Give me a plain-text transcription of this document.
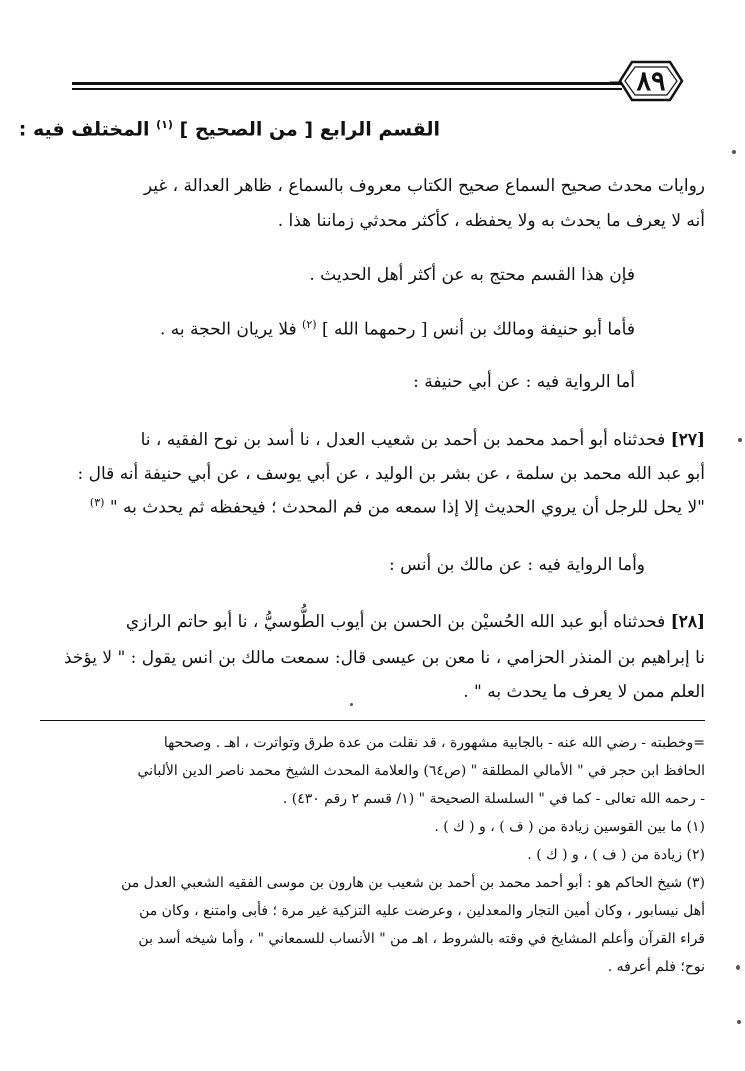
٨٩
القسم الرابع [ من الصحيح ] $^{(١)}$ المختلف فيه :
روايات محدث صحيح السماع صحيح الكتاب معروف بالسماع ، ظاهر العدالة ، غير
أنه لا يعرف ما يحدث به ولا يحفظه ، كأكثر محدثي زماننا هذا .
فإن هذا القسم محتج به عن أكثر أهل الحديث .
فأما أبو حنيفة ومالك بن أنس [ رحمهما الله ] $^{(٢)}$ فلا يريان الحجة به .
أما الرواية فيه : عن أبي حنيفة :
[٢٧] فحدثناه أبو أحمد محمد بن أحمد بن شعيب العدل ، نا أسد بن نوح الفقيه ، نا
أبو عبد الله محمد بن سلمة ، عن بشر بن الوليد ، عن أبي يوسف ، عن أبي حنيفة أنه قال :
"لا يحل للرجل أن يروي الحديث إلا إذا سمعه من فم المحدث ؛ فيحفظه ثم يحدث به " $^{(٣)}$
وأما الرواية فيه : عن مالك بن أنس :
[٢٨] فحدثناه أبو عبد الله الحُسيْن بن الحسن بن أيوب الطُّوسيُّ ، نا أبو حاتم الرازي
نا إبراهيم بن المنذر الحزامي ، نا معن بن عيسى قال: سمعت مالك بن انس يقول : " لا يؤخذ
العلم ممن لا يعرف ما يحدث به " .
=وخطبته - رضي الله عنه - بالجابية مشهورة ، قد نقلت من عدة طرق وتواترت ، اهـ . وصححها
الحافظ ابن حجر في " الأمالي المطلقة " (ص٦٤) والعلامة المحدث الشيخ محمد ناصر الدين الألباني
- رحمه الله تعالى - كما في " السلسلة الصحيحة " (١/ قسم ٢ رقم ٤٣٠) .
(١) ما بين القوسين زيادة من ( ف ) ، و ( ك ) .
(٢) زيادة من ( ف ) ، و ( ك ) .
(٣) شيخ الحاكم هو : أبو أحمد محمد بن أحمد بن شعيب بن هارون بن موسى الفقيه الشعبي العدل من
أهل نيسابور ، وكان أمين التجار والمعدلين ، وعرضت عليه التزكية غير مرة ؛ فأبى وامتنع ، وكان من
قراء القرآن وأعلم المشايخ في وقته بالشروط ، اهـ من " الأنساب للسمعاني " ، وأما شيخه أسد بن
نوح؛ فلم أعرفه .
